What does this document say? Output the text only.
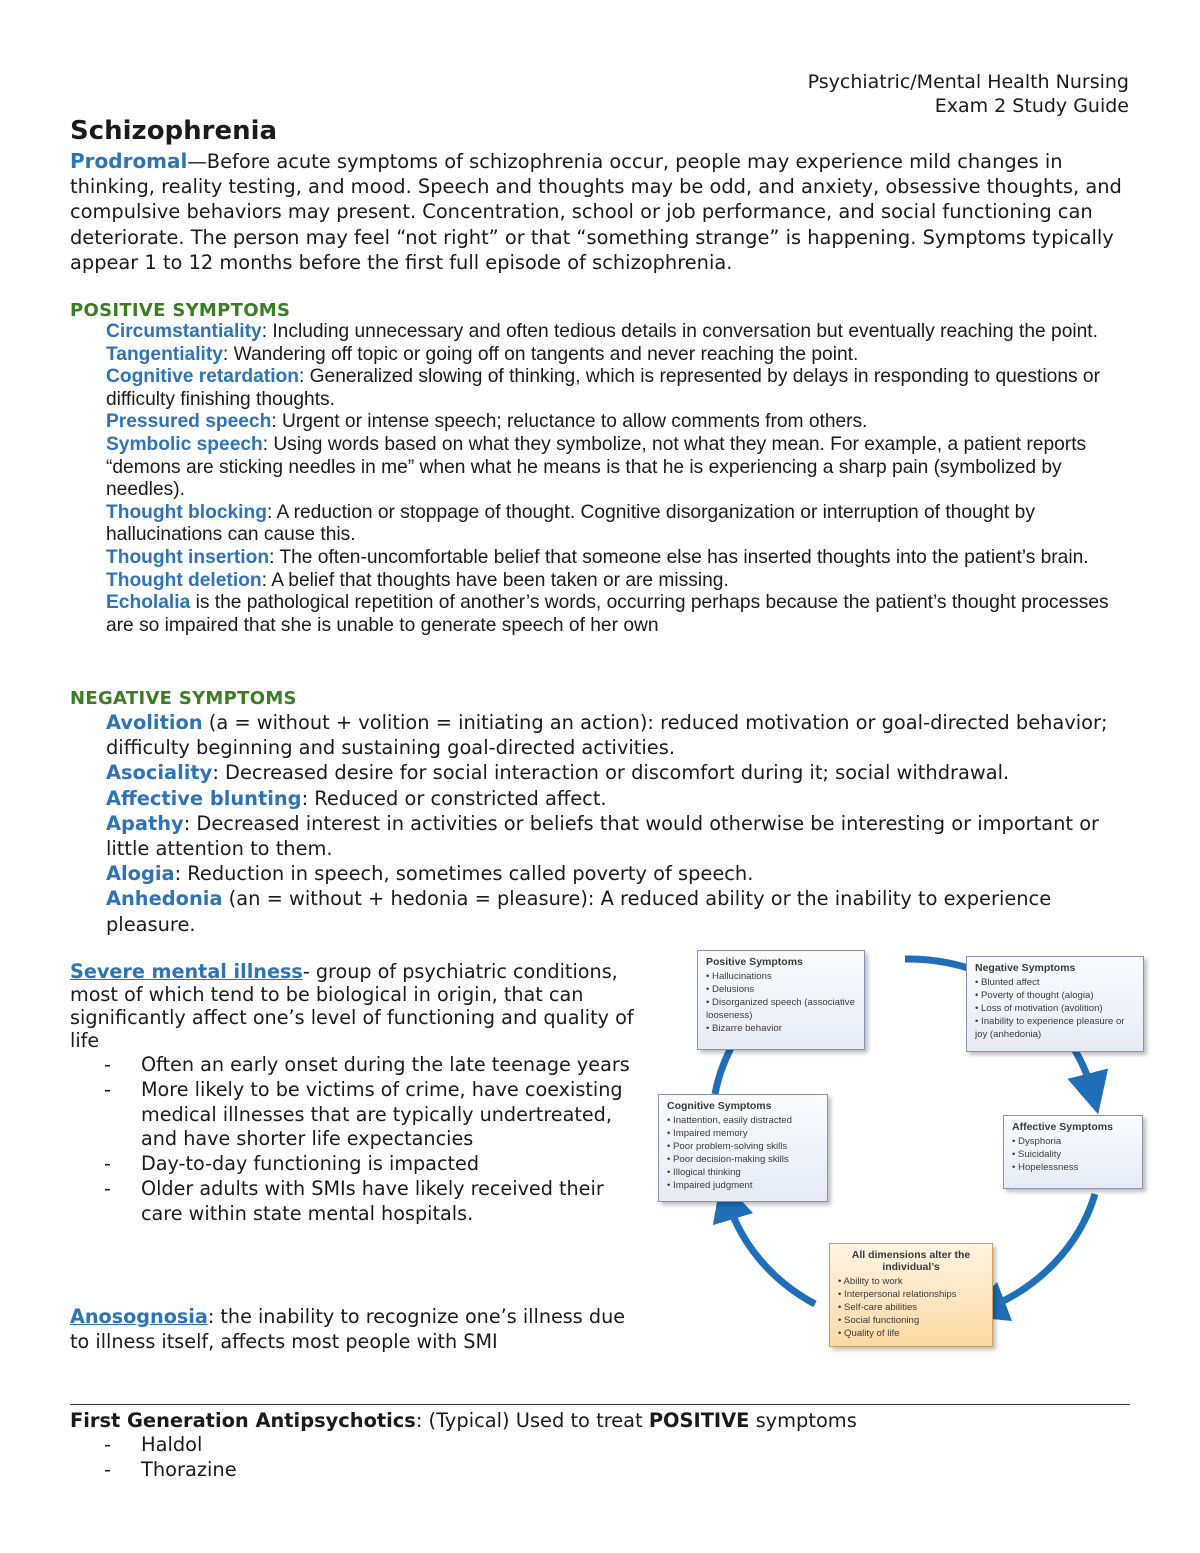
Psychiatric/Mental Health Nursing
Exam 2 Study Guide
Schizophrenia

Prodromal—Before acute symptoms of schizophrenia occur, people may experience mild changes in thinking, reality testing, and mood. Speech and thoughts may be odd, and anxiety, obsessive thoughts, and compulsive behaviors may present. Concentration, school or job performance, and social functioning can deteriorate. The person may feel “not right” or that “something strange” is happening. Symptoms typically appear 1 to 12 months before the first full episode of schizophrenia.

POSITIVE SYMPTOMS
Circumstantiality: Including unnecessary and often tedious details in conversation but eventually reaching the point.
Tangentiality: Wandering off topic or going off on tangents and never reaching the point.
Cognitive retardation: Generalized slowing of thinking, which is represented by delays in responding to questions or difficulty finishing thoughts.
Pressured speech: Urgent or intense speech; reluctance to allow comments from others.
Symbolic speech: Using words based on what they symbolize, not what they mean. For example, a patient reports “demons are sticking needles in me” when what he means is that he is experiencing a sharp pain (symbolized by needles).
Thought blocking: A reduction or stoppage of thought. Cognitive disorganization or interruption of thought by hallucinations can cause this.
Thought insertion: The often-uncomfortable belief that someone else has inserted thoughts into the patient’s brain.
Thought deletion: A belief that thoughts have been taken or are missing.
Echolalia is the pathological repetition of another’s words, occurring perhaps because the patient’s thought processes are so impaired that she is unable to generate speech of her own
NEGATIVE SYMPTOMS
Avolition (a = without + volition = initiating an action): reduced motivation or goal-directed behavior; difficulty beginning and sustaining goal-directed activities.
Asociality: Decreased desire for social interaction or discomfort during it; social withdrawal.
Affective blunting: Reduced or constricted affect.
Apathy: Decreased interest in activities or beliefs that would otherwise be interesting or important or little attention to them.
Alogia: Reduction in speech, sometimes called poverty of speech.
Anhedonia (an = without + hedonia = pleasure): A reduced ability or the inability to experience pleasure.

Severe mental illness- group of psychiatric conditions, most of which tend to be biological in origin, that can significantly affect one’s level of functioning and quality of life

- Often an early onset during the late teenage years
- More likely to be victims of crime, have coexisting medical illnesses that are typically undertreated, and have shorter life expectancies
- Day-to-day functioning is impacted
- Older adults with SMIs have likely received their care within state mental hospitals.

Anosognosia: the inability to recognize one’s illness due to illness itself, affects most people with SMI

Positive Symptoms
• Hallucinations
• Delusions
• Disorganized speech (associative looseness)
• Bizarre behavior
Negative Symptoms
• Blunted affect
• Poverty of thought (alogia)
• Loss of motivation (avolition)
• Inability to experience pleasure or joy (anhedonia)
Cognitive Symptoms
• Inattention, easily distracted
• Impaired memory
• Poor problem-solving skills
• Poor decision-making skills
• Illogical thinking
• Impaired judgment
Affective Symptoms
• Dysphoria
• Suicidality
• Hopelessness
All dimensions alter the individual’s
• Ability to work
• Interpersonal relationships
• Self-care abilities
• Social functioning
• Quality of life

First Generation Antipsychotics: (Typical) Used to treat POSITIVE symptoms

- Haldol
- Thorazine
